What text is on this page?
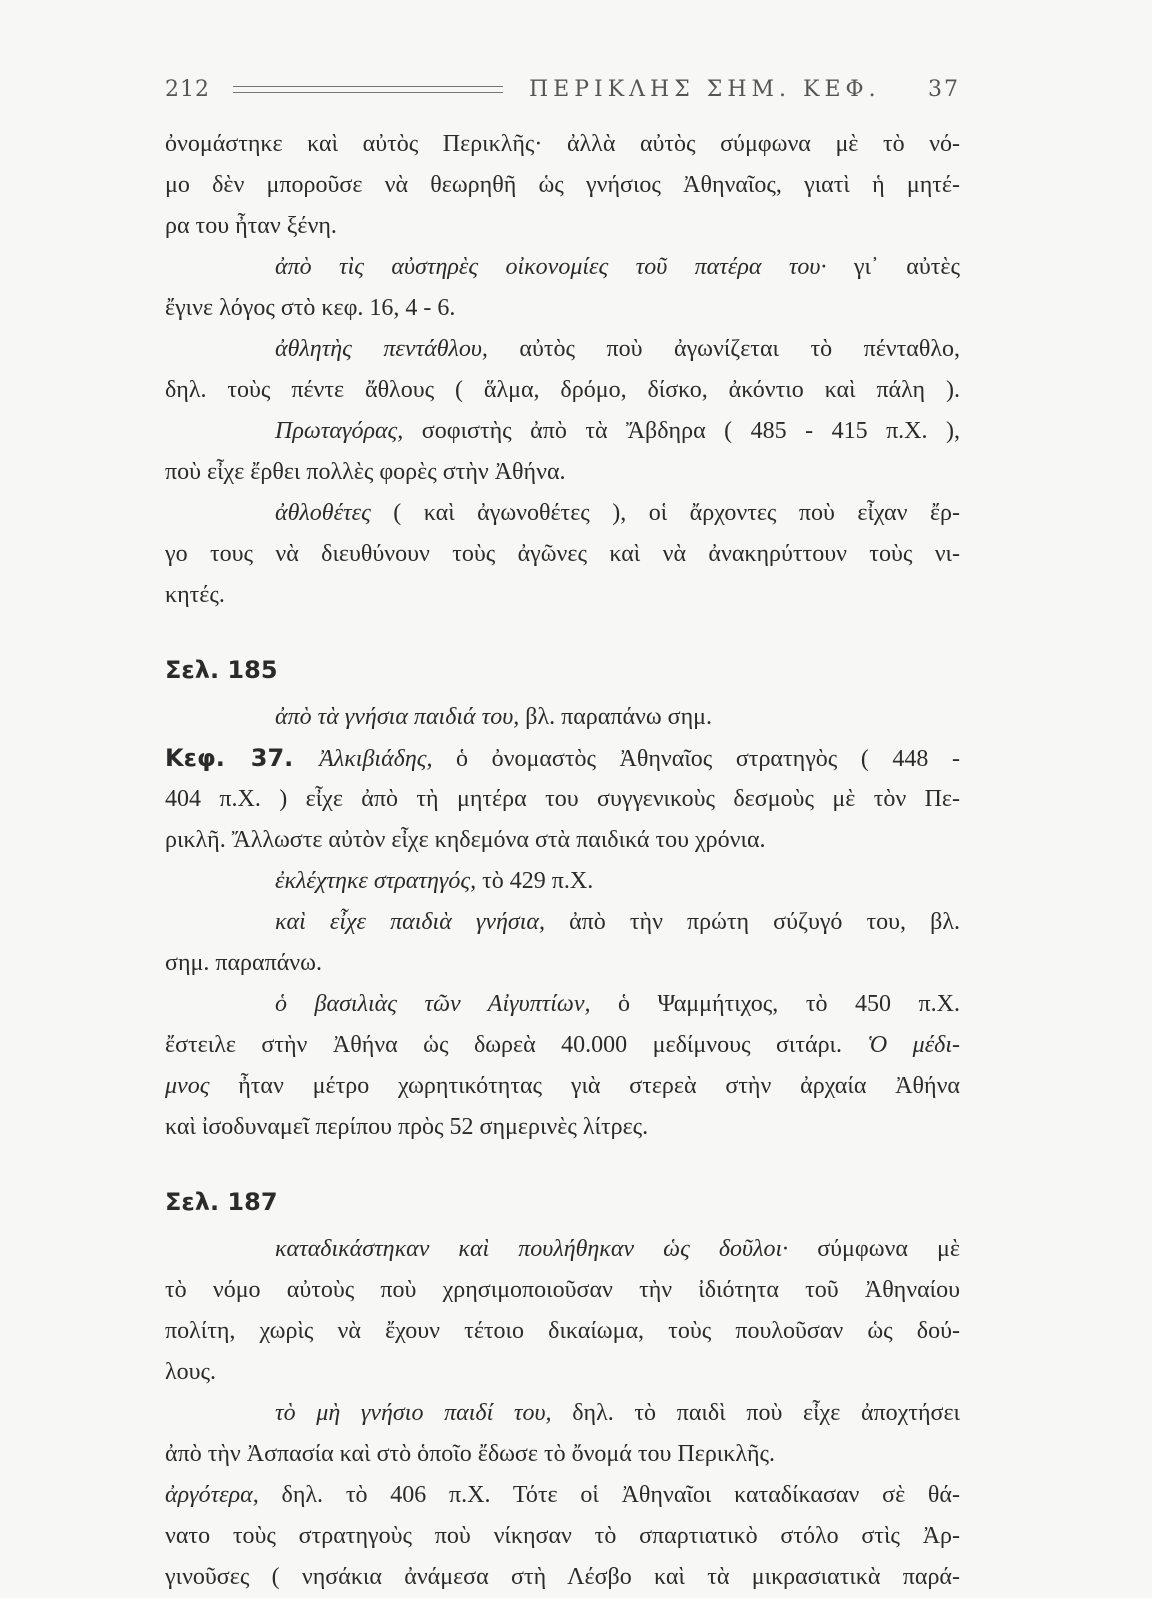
212	ΠΕΡΙΚΛΗΣ ΣΗΜ. ΚΕΦ. 37
ὀνομάστηκε καὶ αὐτὸς Περικλῆς· ἀλλὰ αὐτὸς σύμφωνα μὲ τὸ νό-
μο δὲν μποροῦσε νὰ θεωρηθῆ ὡς γνήσιος Ἀθηναῖος, γιατὶ ἡ μητέ-
ρα του ἦταν ξένη.
ἀπὸ τὶς αὐστηρὲς οἰκονομίες τοῦ πατέρα του· γι᾽ αὐτὲς
ἔγινε λόγος στὸ κεφ. 16, 4 - 6.
ἀθλητὴς πεντάθλου, αὐτὸς ποὺ ἀγωνίζεται τὸ πένταθλο,
δηλ. τοὺς πέντε ἄθλους ( ἅλμα, δρόμο, δίσκο, ἀκόντιο καὶ πάλη ).
Πρωταγόρας, σοφιστὴς ἀπὸ τὰ Ἄβδηρα ( 485 - 415 π.Χ. ),
ποὺ εἶχε ἔρθει πολλὲς φορὲς στὴν Ἀθήνα.
ἀθλοθέτες ( καὶ ἀγωνοθέτες ), οἱ ἄρχοντες ποὺ εἶχαν ἔρ-
γο τους νὰ διευθύνουν τοὺς ἀγῶνες καὶ νὰ ἀνακηρύττουν τοὺς νι-
κητές.
Σελ. 185
ἀπὸ τὰ γνήσια παιδιά του, βλ. παραπάνω σημ.
Κεφ. 37. Ἀλκιβιάδης, ὁ ὀνομαστὸς Ἀθηναῖος στρατηγὸς ( 448 -
404 π.Χ. ) εἶχε ἀπὸ τὴ μητέρα του συγγενικοὺς δεσμοὺς μὲ τὸν Πε-
ρικλῆ. Ἄλλωστε αὐτὸν εἶχε κηδεμόνα στὰ παιδικά του χρόνια.
ἐκλέχτηκε στρατηγός, τὸ 429 π.Χ.
καὶ εἶχε παιδιὰ γνήσια, ἀπὸ τὴν πρώτη σύζυγό του, βλ.
σημ. παραπάνω.
ὁ βασιλιὰς τῶν Αἰγυπτίων, ὁ Ψαμμήτιχος, τὸ 450 π.Χ.
ἔστειλε στὴν Ἀθήνα ὡς δωρεὰ 40.000 μεδίμνους σιτάρι. Ὁ μέδι-
μνος ἦταν μέτρο χωρητικότητας γιὰ στερεὰ στὴν ἀρχαία Ἀθήνα
καὶ ἰσοδυναμεῖ περίπου πρὸς 52 σημερινὲς λίτρες.
Σελ. 187
καταδικάστηκαν καὶ πουλήθηκαν ὡς δοῦλοι· σύμφωνα μὲ
τὸ νόμο αὐτοὺς ποὺ χρησιμοποιοῦσαν τὴν ἰδιότητα τοῦ Ἀθηναίου
πολίτη, χωρὶς νὰ ἔχουν τέτοιο δικαίωμα, τοὺς πουλοῦσαν ὡς δού-
λους.
τὸ μὴ γνήσιο παιδί του, δηλ. τὸ παιδὶ ποὺ εἶχε ἀποχτήσει
ἀπὸ τὴν Ἀσπασία καὶ στὸ ὁποῖο ἔδωσε τὸ ὄνομά του Περικλῆς.
ἀργότερα, δηλ. τὸ 406 π.Χ. Τότε οἱ Ἀθηναῖοι καταδίκασαν σὲ θά-
νατο τοὺς στρατηγοὺς ποὺ νίκησαν τὸ σπαρτιατικὸ στόλο στὶς Ἀρ-
γινοῦσες ( νησάκια ἀνάμεσα στὴ Λέσβο καὶ τὰ μικρασιατικὰ παρά-
